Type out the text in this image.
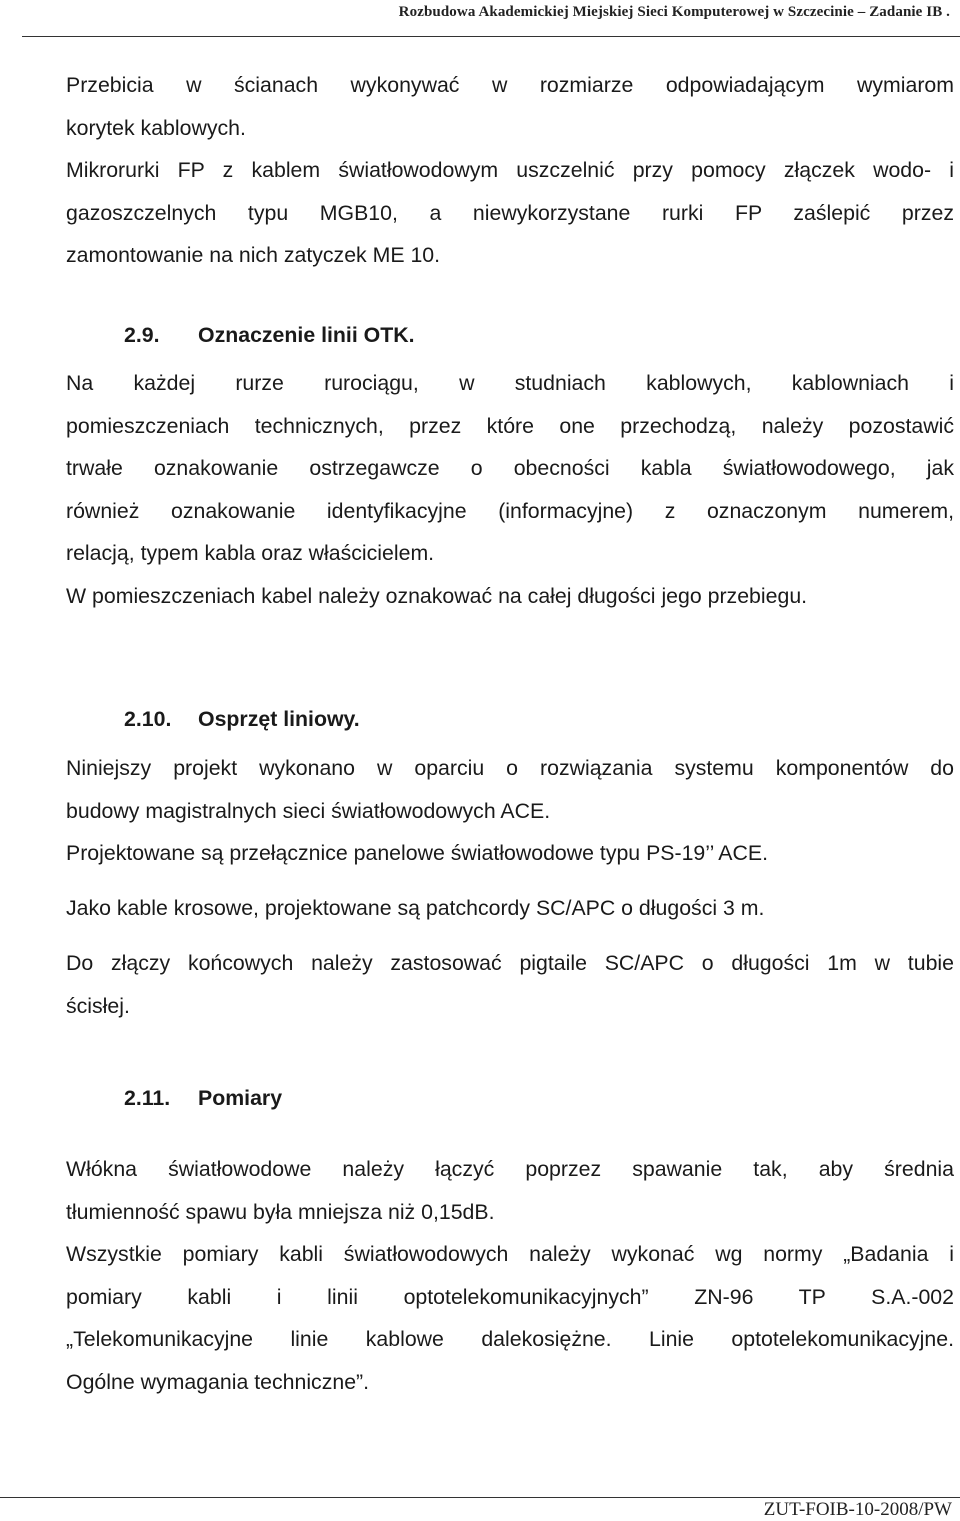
Rozbudowa Akademickiej Miejskiej Sieci Komputerowej w Szczecinie – Zadanie IB .
Przebicia w ścianach wykonywać w rozmiarze odpowiadającym wymiarom
korytek kablowych.
Mikrorurki FP z kablem światłowodowym uszczelnić przy pomocy złączek wodo- i
gazoszczelnych typu MGB10, a niewykorzystane rurki FP zaślepić przez
zamontowanie na nich zatyczek ME 10.
2.9. Oznaczenie linii OTK.
Na każdej rurze rurociągu, w studniach kablowych, kablowniach i
pomieszczeniach technicznych, przez które one przechodzą, należy pozostawić
trwałe oznakowanie ostrzegawcze o obecności kabla światłowodowego, jak
również oznakowanie identyfikacyjne (informacyjne) z oznaczonym numerem,
relacją, typem kabla oraz właścicielem.
W pomieszczeniach kabel należy oznakować na całej długości jego przebiegu.
2.10. Osprzęt liniowy.
Niniejszy projekt wykonano w oparciu o rozwiązania systemu komponentów do
budowy magistralnych sieci światłowodowych ACE.
Projektowane są przełącznice panelowe światłowodowe typu PS-19’’ ACE.
Jako kable krosowe, projektowane są patchcordy SC/APC o długości 3 m.
Do złączy końcowych należy zastosować pigtaile SC/APC o długości 1m w tubie
ścisłej.
2.11. Pomiary
Włókna światłowodowe należy łączyć poprzez spawanie tak, aby średnia
tłumienność spawu była mniejsza niż 0,15dB.
Wszystkie pomiary kabli światłowodowych należy wykonać wg normy „Badania i
pomiary kabli i linii optotelekomunikacyjnych” ZN-96 TP S.A.-002
„Telekomunikacyjne linie kablowe dalekosiężne. Linie optotelekomunikacyjne.
Ogólne wymagania techniczne”.
ZUT-FOIB-10-2008/PW
